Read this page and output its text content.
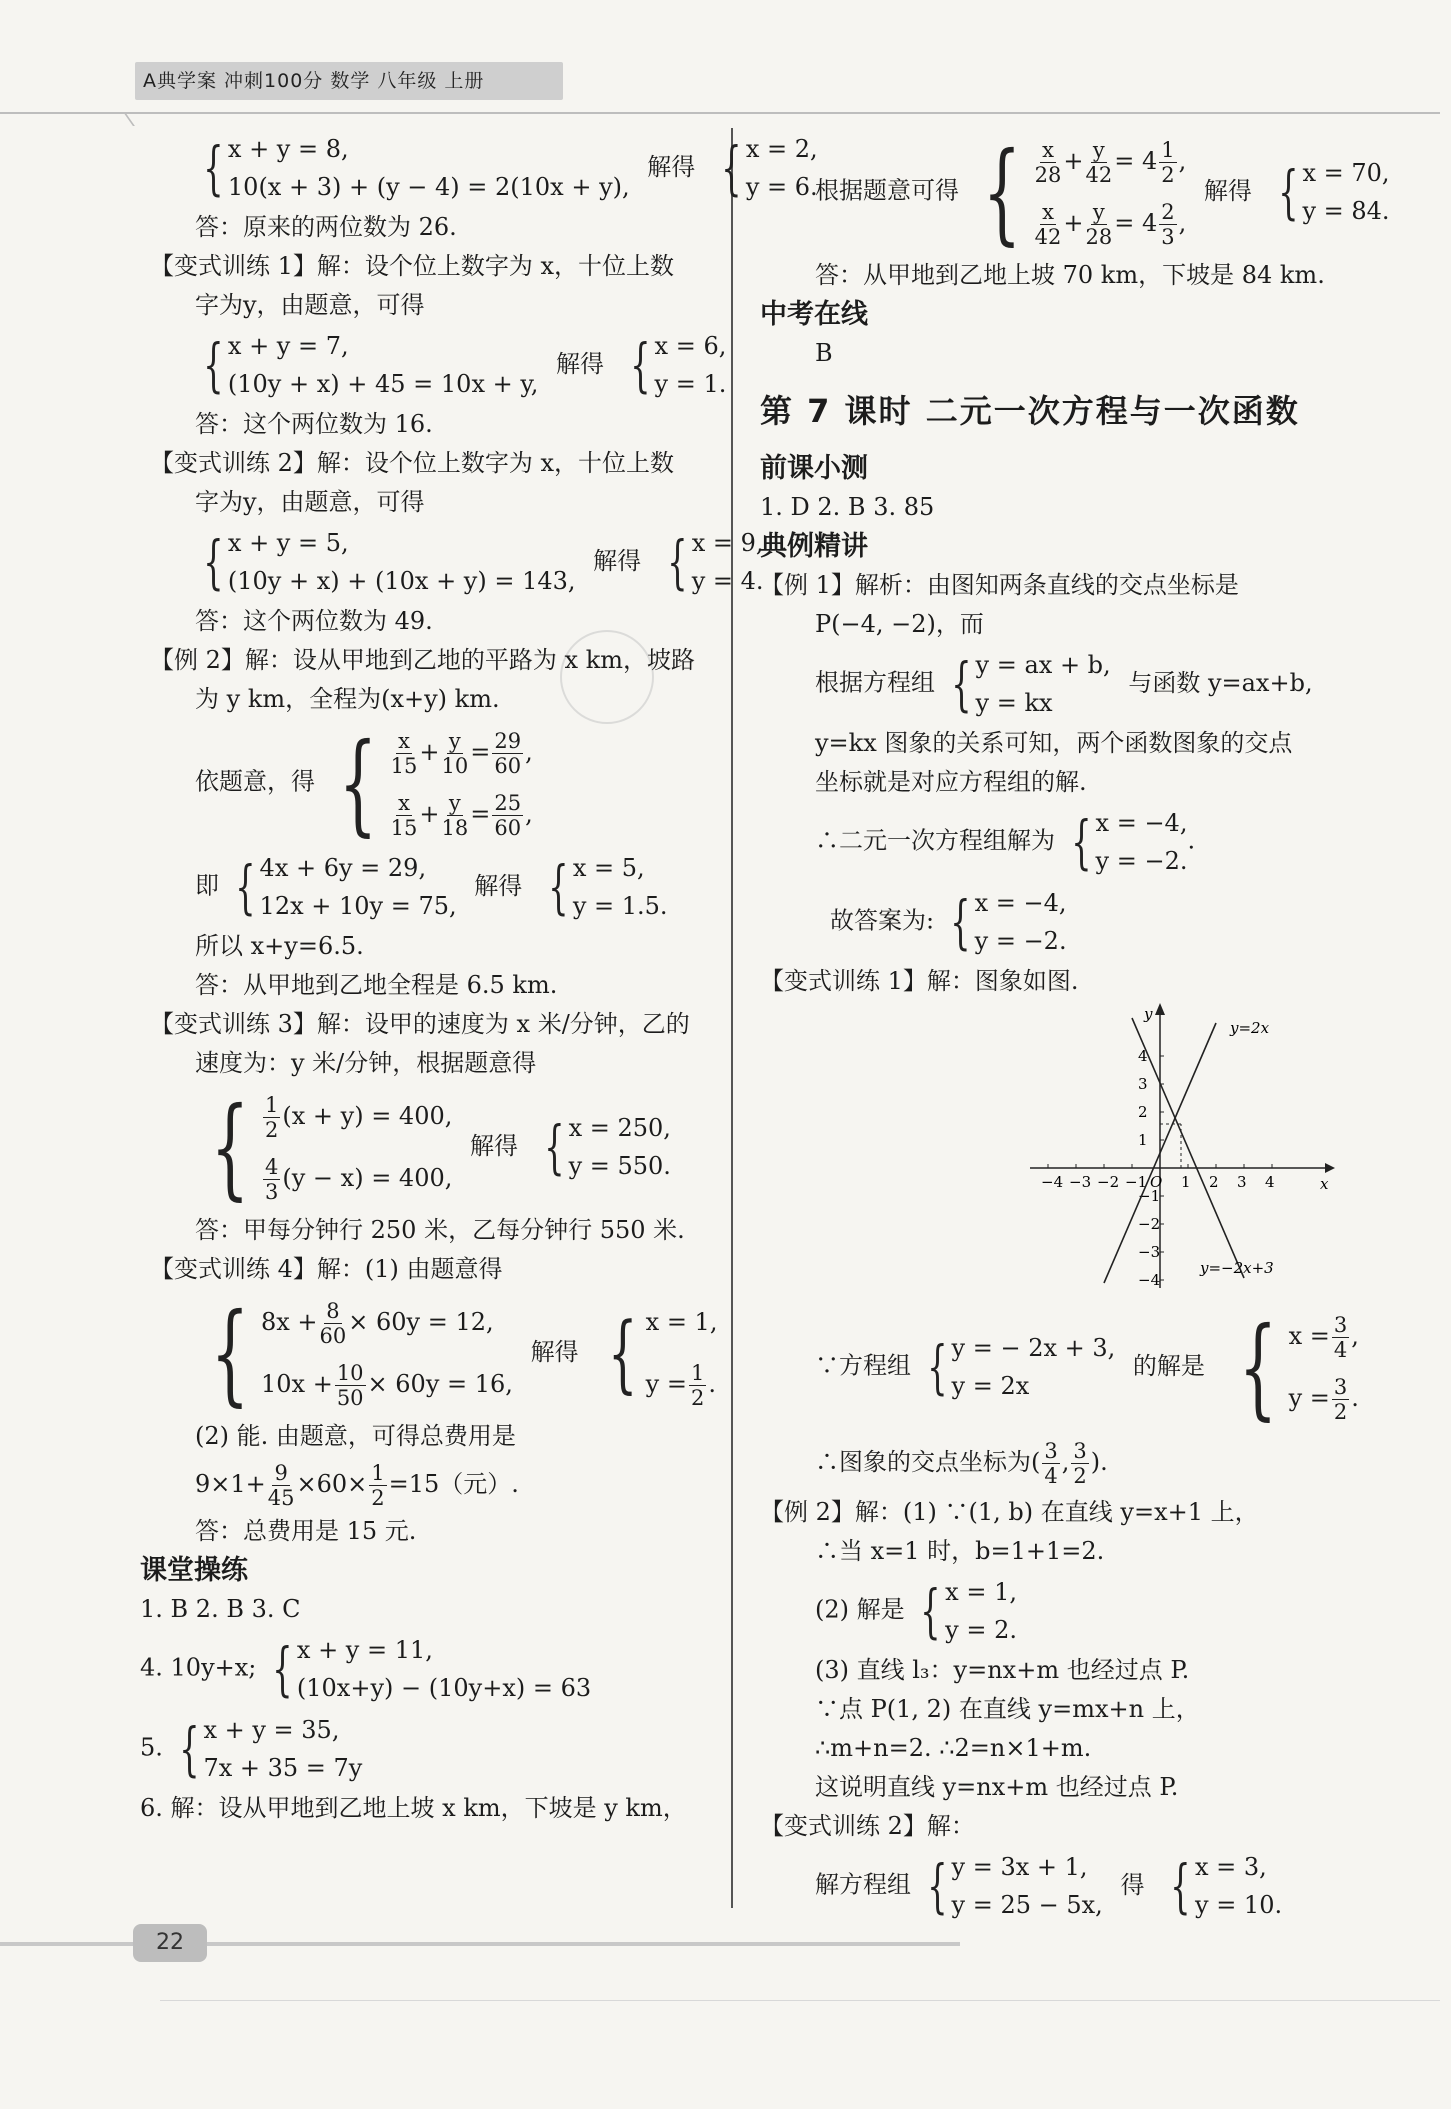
A典学案 冲刺100分 数学 八年级 上册
{ x + y = 8,
10(x + 3) + (y − 4) = 2(10x + y),
解得 { x = 2,
y = 6.
答：原来的两位数为 26.
【变式训练 1】解：设个位上数字为 x，十位上数
字为y，由题意，可得
{ x + y = 7,
(10y + x) + 45 = 10x + y,
解得 { x = 6,
y = 1.
答：这个两位数为 16.
【变式训练 2】解：设个位上数字为 x，十位上数
字为y，由题意，可得
{ x + y = 5,
(10y + x) + (10x + y) = 143,
解得 { x = 9,
y = 4.
答：这个两位数为 49.
【例 2】解：设从甲地到乙地的平路为 x km，坡路
为 y km，全程为(x+y) km.
依题意，得 { $\frac{x}{15} + \frac{y}{10} = \frac{29}{60}$ ,
$\frac{x}{15} + \frac{y}{18} = \frac{25}{60}$ ,
即 { 4x + 6y = 29,
12x + 10y = 75,
解得 { x = 5,
y = 1.5.
所以 x+y=6.5.
答：从甲地到乙地全程是 6.5 km.
【变式训练 3】解：设甲的速度为 x 米/分钟，乙的
速度为：y 米/分钟，根据题意得
{ $\frac{1}{2} (x + y) = 400$,
$\frac{4}{3} (y - x) = 400$,
解得 { x = 250,
y = 550.
答：甲每分钟行 250 米，乙每分钟行 550 米.
【变式训练 4】解：(1) 由题意得
{ $8x + \frac{8}{60} \times 60y = 12$,
$10x + \frac{10}{50} \times 60y = 16$,
解得 { x = 1,
$y = \frac{1}{2}$ .
(2) 能. 由题意，可得总费用是
$9\times 1+ \frac{9}{45} \times 60\times \frac{1}{2} =15$（元）.
答：总费用是 15 元.
课堂操练
1. B 2. B 3. C
4. 10y+x; { x + y = 11,
(10x+y) − (10y+x) = 63
5. { x + y = 35,
7x + 35 = 7y
6. 解：设从甲地到乙地上坡 x km，下坡是 y km，
根据题意可得 { $\frac{x}{28} + \frac{y}{42} = 4 \frac{1}{2}$ ,
$\frac{x}{42} + \frac{y}{28} = 4 \frac{2}{3}$ ,
解得 { x = 70,
y = 84.
答：从甲地到乙地上坡 70 km，下坡是 84 km.
中考在线
B
第 7 课时 二元一次方程与一次函数
前课小测
1. D 2. B 3. 85
典例精讲
【例 1】解析：由图知两条直线的交点坐标是
P(−4, −2)，而
根据方程组 { y = ax + b,
y = kx
与函数 y=ax+b,
y=kx 图象的关系可知，两个函数图象的交点
坐标就是对应方程组的解.
∴二元一次方程组解为 { x = −4,
y = −2.
.
故答案为: { x = −4,
y = −2.
【变式训练 1】解：图象如图.
−4 −3 −2 −1 1 2 3 4
4
3
2
1
−1
−2
−3
−4
y
x
O
y=2x
y=−2x+3
∵方程组 { y = − 2x + 3,
y = 2x
的解是 { $x = \frac{3}{4}$ ,
$y = \frac{3}{2}$ .
∴图象的交点坐标为( $\frac{3}{4}$ , $\frac{3}{2}$ ).
【例 2】解：(1) ∵(1, b) 在直线 y=x+1 上，
∴当 x=1 时，b=1+1=2.
(2) 解是 { x = 1,
y = 2.
(3) 直线 l₃：y=nx+m 也经过点 P.
∵点 P(1, 2) 在直线 y=mx+n 上，
∴m+n=2. ∴2=n×1+m.
这说明直线 y=nx+m 也经过点 P.
【变式训练 2】解：
解方程组 { y = 3x + 1,
y = 25 − 5x,
得 { x = 3,
y = 10.
22
